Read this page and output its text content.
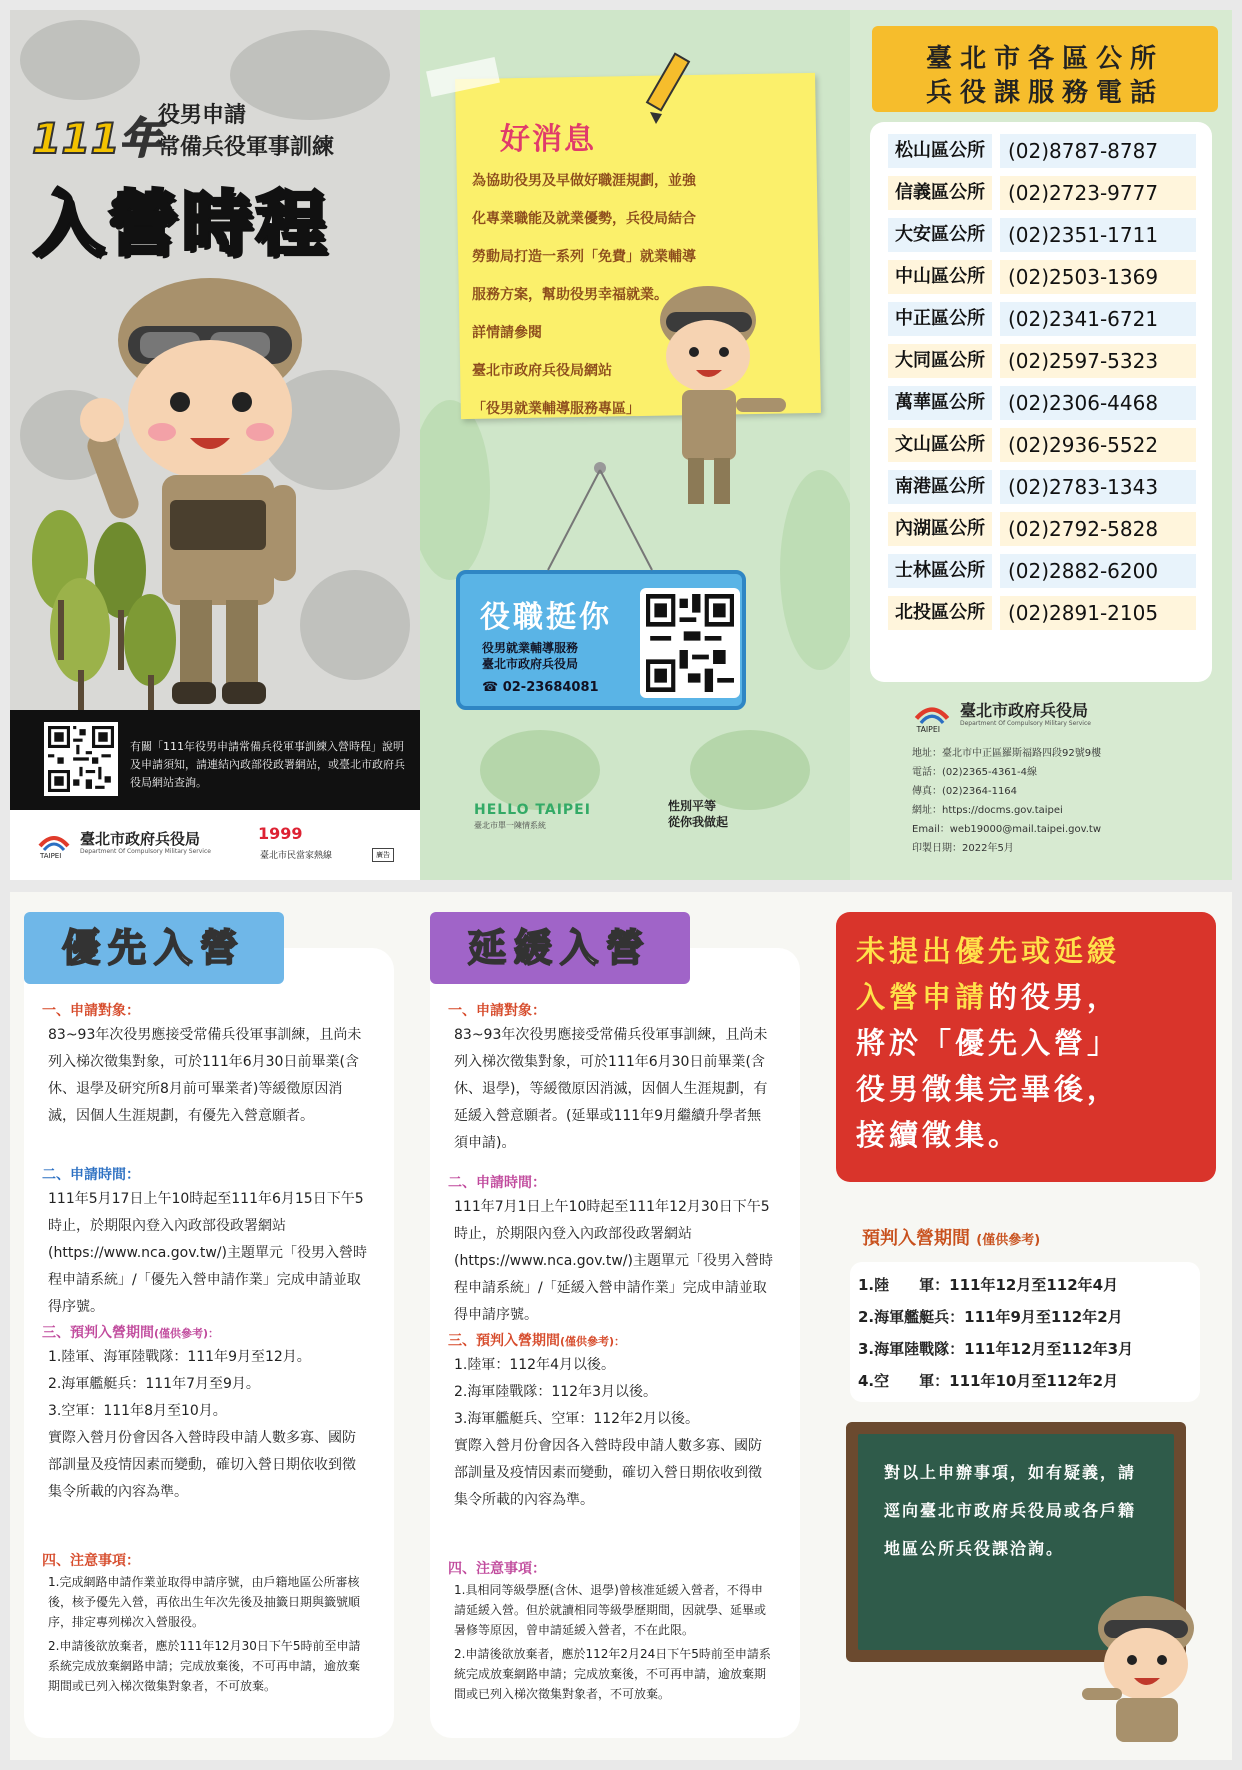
111年
役男申請
常備兵役軍事訓練
入營時程
有關「111年役男申請常備兵役軍事訓練入營時程」說明及申請須知，請連結內政部役政署網站，或臺北市政府兵役局網站查詢。
TAIPEI
臺北市政府兵役局
Department Of Compulsory Military Service
1999
臺北市民當家熱線	廣告
好消息
為協助役男及早做好職涯規劃，並強
化專業職能及就業優勢，兵役局結合
勞動局打造一系列「免費」就業輔導
服務方案，幫助役男幸福就業。
詳情請參閱
臺北市政府兵役局網站
「役男就業輔導服務專區」
役職挺你
役男就業輔導服務
臺北市政府兵役局
☎ 02-23684081
HELLO TAIPEI
臺北市單一陳情系統
性別平等
從你我做起
臺北市各區公所
兵役課服務電話
松山區公所	(02)8787-8787
信義區公所	(02)2723-9777
大安區公所	(02)2351-1711
中山區公所	(02)2503-1369
中正區公所	(02)2341-6721
大同區公所	(02)2597-5323
萬華區公所	(02)2306-4468
文山區公所	(02)2936-5522
南港區公所	(02)2783-1343
內湖區公所	(02)2792-5828
士林區公所	(02)2882-6200
北投區公所	(02)2891-2105
TAIPEI
臺北市政府兵役局
Department Of Compulsory Military Service
地址：臺北市中正區羅斯福路四段92號9樓
電話：(02)2365-4361-4線
傳真：(02)2364-1164
網址：https://docms.gov.taipei
Email：web19000@mail.taipei.gov.tw
印製日期：2022年5月
優先入營
一、申請對象：
83~93年次役男應接受常備兵役軍事訓練，且尚未列入梯次徵集對象，可於111年6月30日前畢業(含休、退學及研究所8月前可畢業者)等緩徵原因消滅，因個人生涯規劃，有優先入營意願者。
二、申請時間：
111年5月17日上午10時起至111年6月15日下午5時止，於期限內登入內政部役政署網站(https://www.nca.gov.tw/)主題單元「役男入營時程申請系統」/「優先入營申請作業」完成申請並取得序號。
三、預判入營期間(僅供參考)：
1.陸軍、海軍陸戰隊：111年9月至12月。
2.海軍艦艇兵：111年7月至9月。
3.空軍：111年8月至10月。
實際入營月份會因各入營時段申請人數多寡、國防部訓量及疫情因素而變動，確切入營日期依收到徵集令所載的內容為準。
四、注意事項：
1.完成網路申請作業並取得申請序號，由戶籍地區公所審核後，核予優先入營，再依出生年次先後及抽籤日期與籤號順序，排定專列梯次入營服役。
2.申請後欲放棄者，應於111年12月30日下午5時前至申請系統完成放棄網路申請；完成放棄後，不可再申請，逾放棄期間或已列入梯次徵集對象者，不可放棄。
延緩入營
一、申請對象：
83~93年次役男應接受常備兵役軍事訓練，且尚未列入梯次徵集對象，可於111年6月30日前畢業(含休、退學)，等緩徵原因消滅，因個人生涯規劃，有延緩入營意願者。(延畢或111年9月繼續升學者無須申請)。
二、申請時間：
111年7月1日上午10時起至111年12月30日下午5時止，於期限內登入內政部役政署網站(https://www.nca.gov.tw/)主題單元「役男入營時程申請系統」/「延緩入營申請作業」完成申請並取得申請序號。
三、預判入營期間(僅供參考)：
1.陸軍：112年4月以後。
2.海軍陸戰隊：112年3月以後。
3.海軍艦艇兵、空軍：112年2月以後。
實際入營月份會因各入營時段申請人數多寡、國防部訓量及疫情因素而變動，確切入營日期依收到徵集令所載的內容為準。
四、注意事項：
1.具相同等級學歷(含休、退學)曾核准延緩入營者，不得申請延緩入營。但於就讀相同等級學歷期間，因就學、延畢或暑修等原因，曾申請延緩入營者，不在此限。
2.申請後欲放棄者，應於112年2月24日下午5時前至申請系統完成放棄網路申請；完成放棄後，不可再申請，逾放棄期間或已列入梯次徵集對象者，不可放棄。
未提出優先或延緩
入營申請的役男，
將於「優先入營」
役男徵集完畢後，
接續徵集。
預判入營期間 (僅供參考)
1.陸　　軍：111年12月至112年4月
2.海軍艦艇兵：111年9月至112年2月
3.海軍陸戰隊：111年12月至112年3月
4.空　　軍：111年10月至112年2月
對以上申辦事項，如有疑義，請逕向臺北市政府兵役局或各戶籍地區公所兵役課洽詢。
